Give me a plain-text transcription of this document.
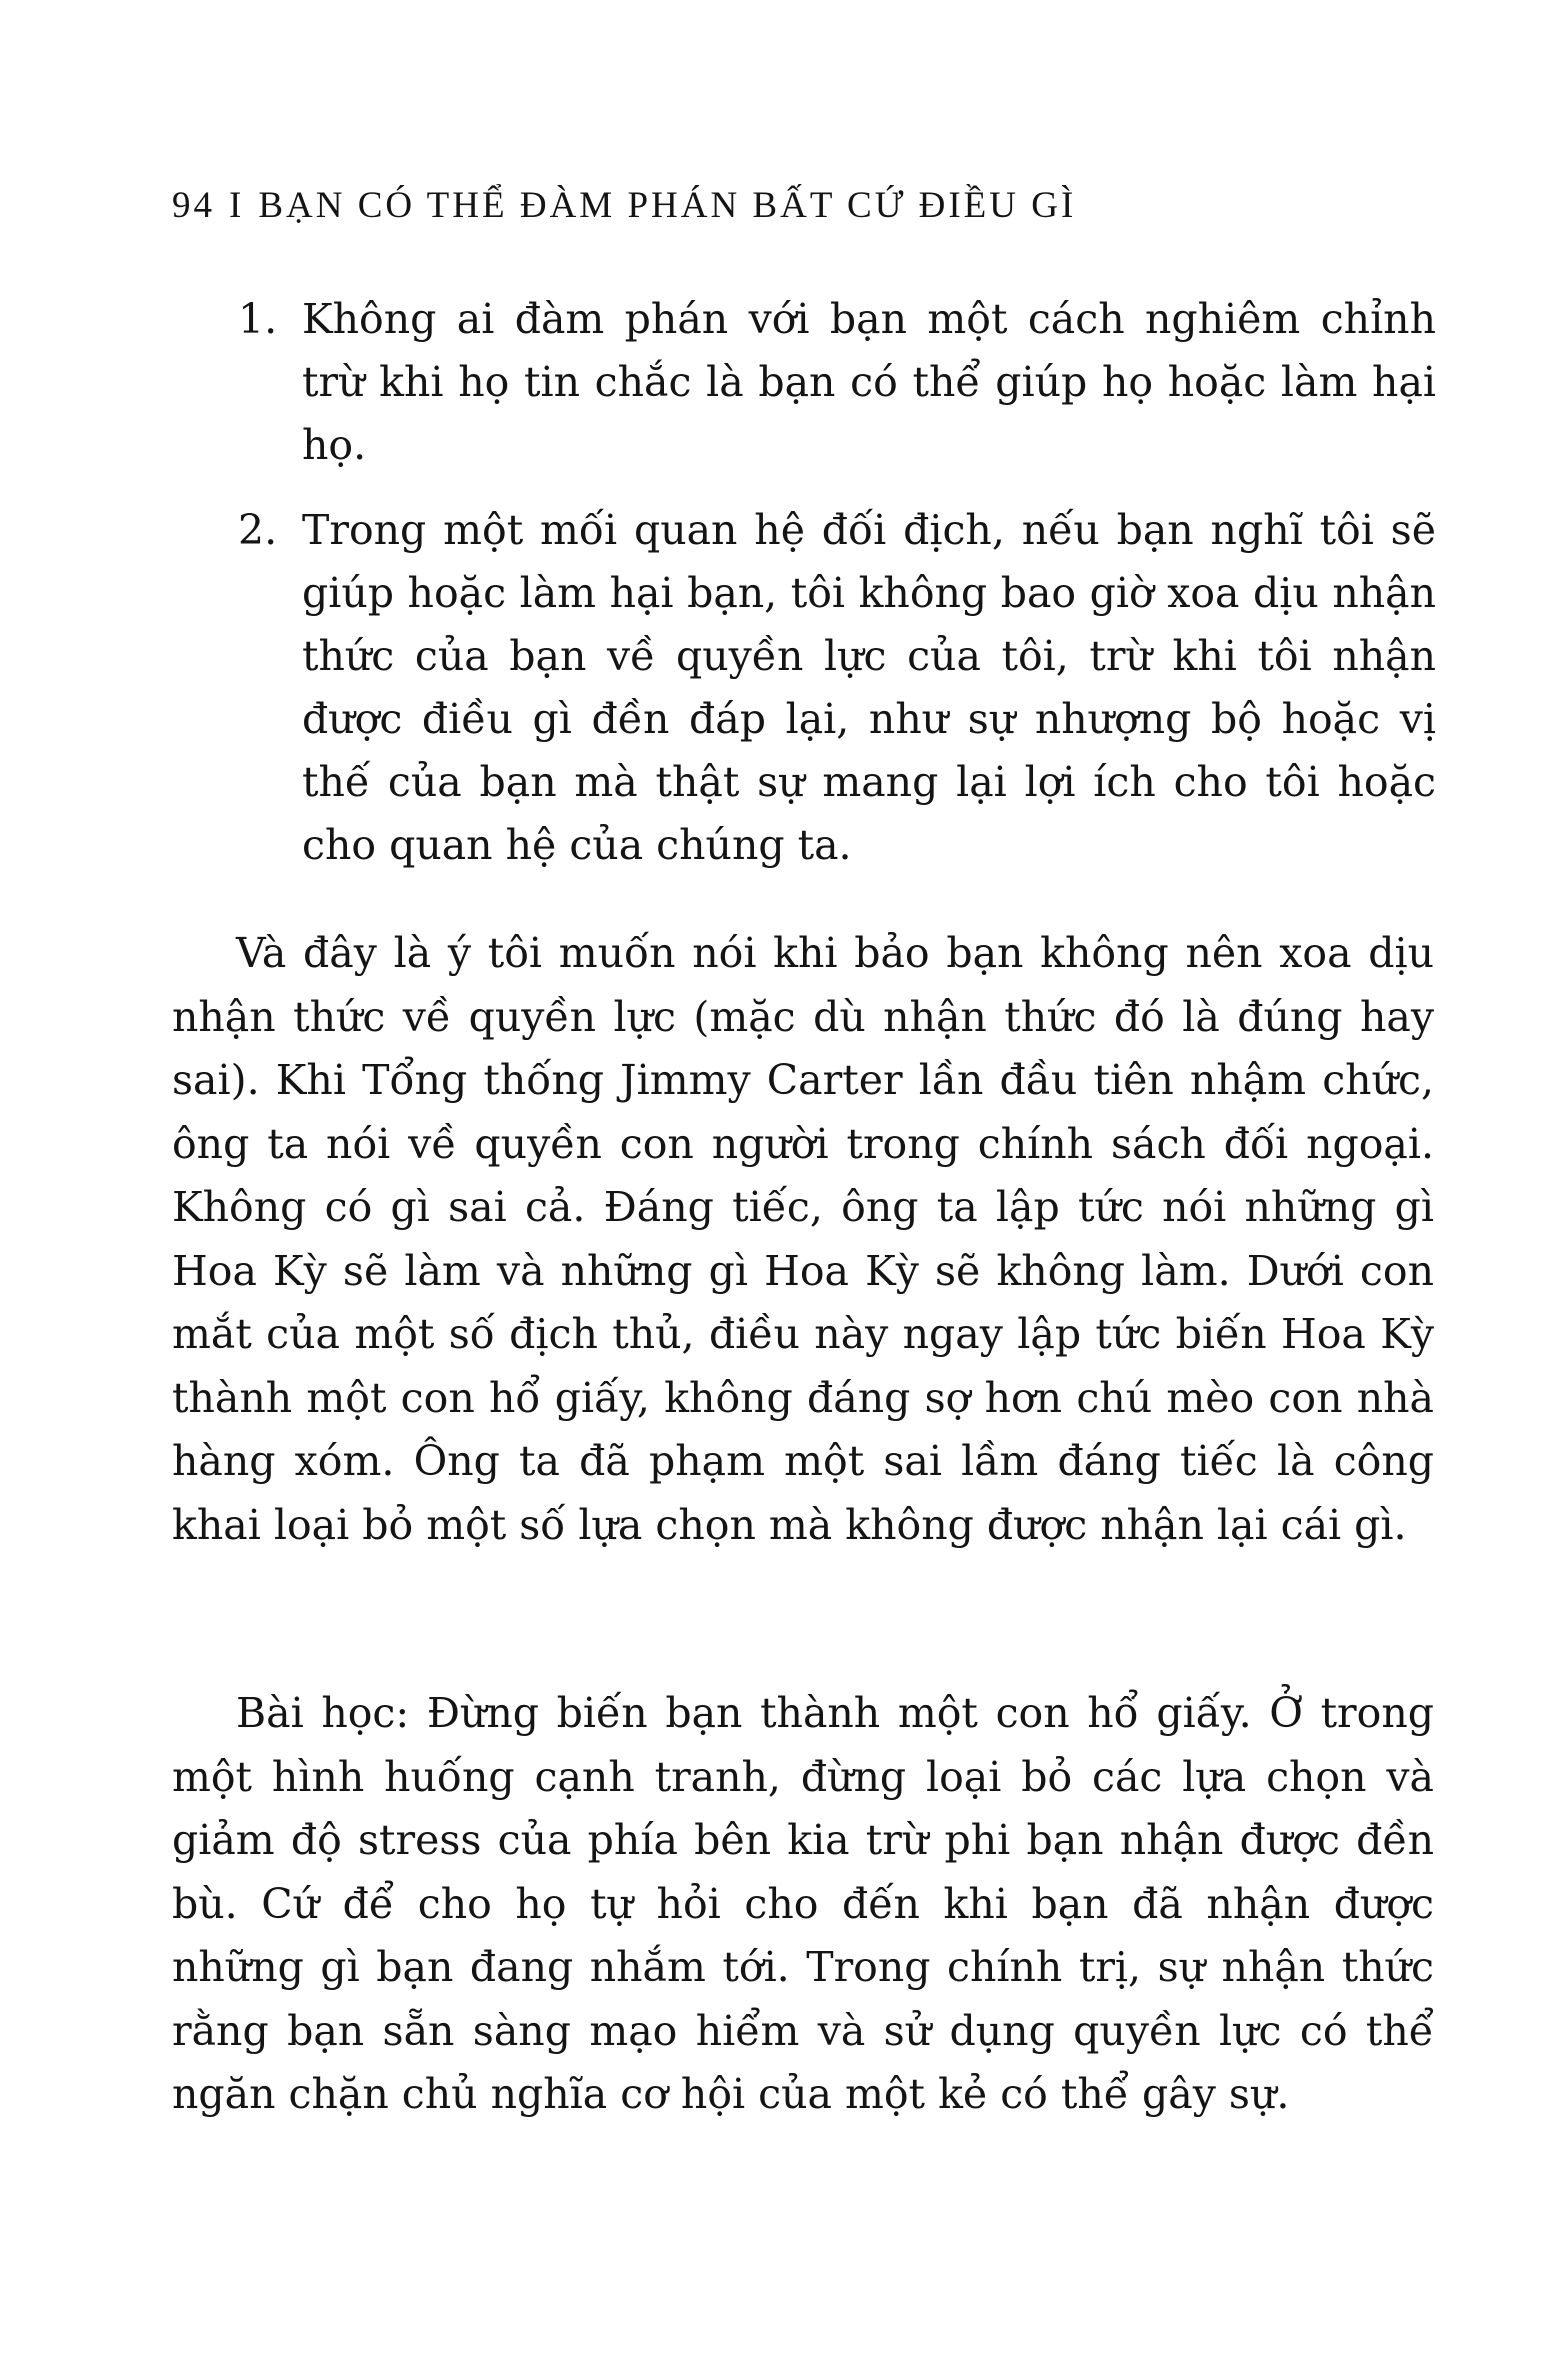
94 I BẠN CÓ THỂ ĐÀM PHÁN BẤT CỨ ĐIỀU GÌ
1. Không ai đàm phán với bạn một cách nghiêm chỉnh trừ khi họ tin chắc là bạn có thể giúp họ hoặc làm hại họ.
2. Trong một mối quan hệ đối địch, nếu bạn nghĩ tôi sẽ giúp hoặc làm hại bạn, tôi không bao giờ xoa dịu nhận thức của bạn về quyền lực của tôi, trừ khi tôi nhận được điều gì đền đáp lại, như sự nhượng bộ hoặc vị thế của bạn mà thật sự mang lại lợi ích cho tôi hoặc cho quan hệ của chúng ta.

Và đây là ý tôi muốn nói khi bảo bạn không nên xoa dịu nhận thức về quyền lực (mặc dù nhận thức đó là đúng hay sai). Khi Tổng thống Jimmy Carter lần đầu tiên nhậm chức, ông ta nói về quyền con người trong chính sách đối ngoại. Không có gì sai cả. Đáng tiếc, ông ta lập tức nói những gì Hoa Kỳ sẽ làm và những gì Hoa Kỳ sẽ không làm. Dưới con mắt của một số địch thủ, điều này ngay lập tức biến Hoa Kỳ thành một con hổ giấy, không đáng sợ hơn chú mèo con nhà hàng xóm. Ông ta đã phạm một sai lầm đáng tiếc là công khai loại bỏ một số lựa chọn mà không được nhận lại cái gì.

Bài học: Đừng biến bạn thành một con hổ giấy. Ở trong một hình huống cạnh tranh, đừng loại bỏ các lựa chọn và giảm độ stress của phía bên kia trừ phi bạn nhận được đền bù. Cứ để cho họ tự hỏi cho đến khi bạn đã nhận được những gì bạn đang nhắm tới. Trong chính trị, sự nhận thức rằng bạn sẵn sàng mạo hiểm và sử dụng quyền lực có thể ngăn chặn chủ nghĩa cơ hội của một kẻ có thể gây sự.
